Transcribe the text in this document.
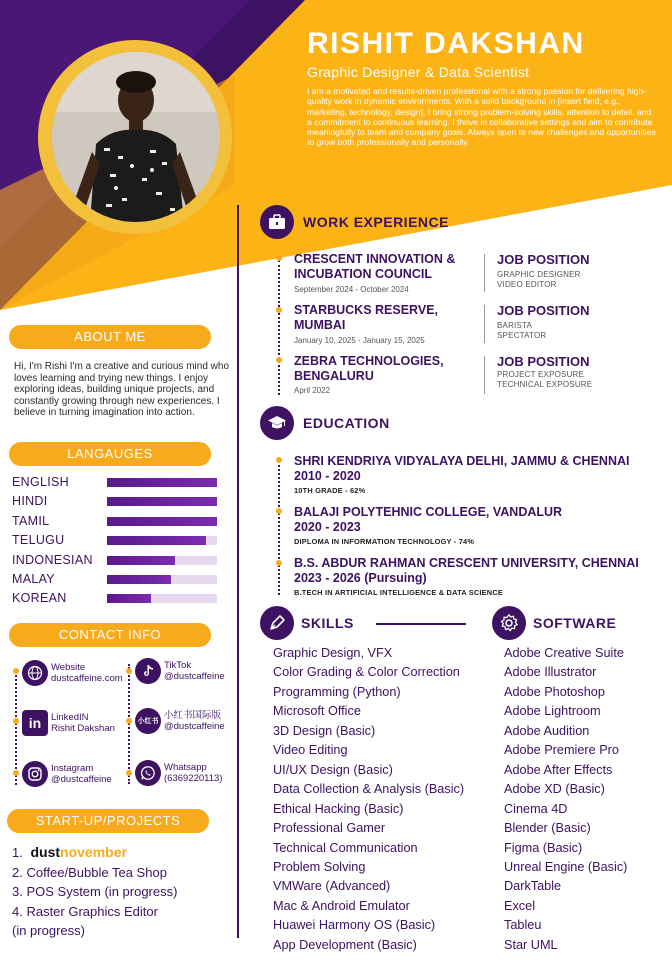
RISHIT DAKSHAN
Graphic Designer & Data Scientist
I am a motivated and results-driven professional with a strong passion for delivering high-quality work in dynamic environments. With a solid background in [insert field, e.g., marketing, technology, design], I bring strong problem-solving skills, attention to detail, and a commitment to continuous learning. I thrive in collaborative settings and aim to contribute meaningfully to team and company goals. Always open to new challenges and opportunities to grow both professionally and personally.
ABOUT ME
Hi, I'm Rishi I'm a creative and curious mind who loves learning and trying new things. I enjoy exploring ideas, building unique projects, and constantly growing through new experiences. I believe in turning imagination into action.
LANGAUGES
ENGLISH
HINDI
TAMIL
TELUGU
INDONESIAN
MALAY
KOREAN
CONTACT INFO
Website
dustcaffeine.com
TikTok
@dustcaffeine
in LinkedIN
Rishit Dakshan
小红书
小红书国际版
@dustcaffeine
Instagram
@dustcaffeine
Whatsapp
(6369220113)
START-UP/PROJECTS
1. dustnovember
2. Coffee/Bubble Tea Shop
3. POS System (in progress)
4. Raster Graphics Editor
(in progress)
WORK EXPERIENCE
CRESCENT INNOVATION & INCUBATION COUNCIL
September 2024 - October 2024
JOB POSITION
GRAPHIC DESIGNER
VIDEO EDITOR
STARBUCKS RESERVE, MUMBAI
January 10, 2025 - January 15, 2025
JOB POSITION
BARISTA
SPECTATOR
ZEBRA TECHNOLOGIES, BENGALURU
April 2022
JOB POSITION
PROJECT EXPOSURE
TECHNICAL EXPOSURE
EDUCATION
SHRI KENDRIYA VIDYALAYA DELHI, JAMMU & CHENNAI
2010 - 2020
10TH GRADE - 62%
BALAJI POLYTEHNIC COLLEGE, VANDALUR
2020 - 2023
DIPLOMA IN INFORMATION TECHNOLOGY - 74%
B.S. ABDUR RAHMAN CRESCENT UNIVERSITY, CHENNAI
2023 - 2026 (Pursuing)
B.TECH IN ARTIFICIAL INTELLIGENCE & DATA SCIENCE
SKILLS	SOFTWARE
Graphic Design, VFX
Color Grading & Color Correction
Programming (Python)
Microsoft Office
3D Design (Basic)
Video Editing
UI/UX Design (Basic)
Data Collection & Analysis (Basic)
Ethical Hacking (Basic)
Professional Gamer
Technical Communication
Problem Solving
VMWare (Advanced)
Mac & Android Emulator
Huawei Harmony OS (Basic)
App Development (Basic)
Adobe Creative Suite
Adobe Illustrator
Adobe Photoshop
Adobe Lightroom
Adobe Audition
Adobe Premiere Pro
Adobe After Effects
Adobe XD (Basic)
Cinema 4D
Blender (Basic)
Figma (Basic)
Unreal Engine (Basic)
DarkTable
Excel
Tableu
Star UML
